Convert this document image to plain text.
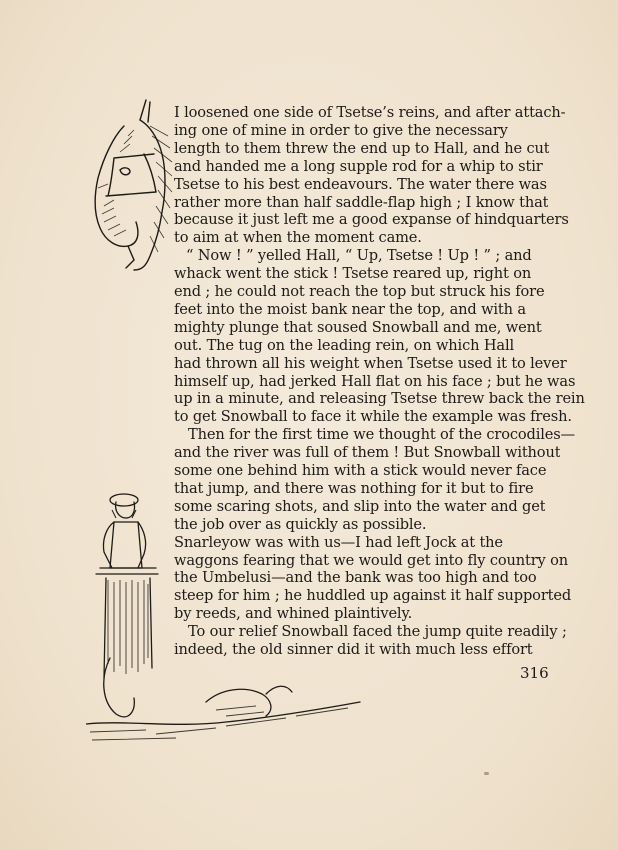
I loosened one side of Tsetse’s reins, and after attach-
ing one of mine in order to give the necessary
length to them threw the end up to Hall, and he cut
and handed me a long supple rod for a whip to stir
Tsetse to his best endeavours. The water there was
rather more than half saddle-flap high ; I know that
because it just left me a good expanse of hindquarters
to aim at when the moment came.
“ Now ! ” yelled Hall, “ Up, Tsetse ! Up ! ” ; and
whack went the stick ! Tsetse reared up, right on
end ; he could not reach the top but struck his fore
feet into the moist bank near the top, and with a
mighty plunge that soused Snowball and me, went
out. The tug on the leading rein, on which Hall
had thrown all his weight when Tsetse used it to lever
himself up, had jerked Hall flat on his face ; but he was
up in a minute, and releasing Tsetse threw back the rein
to get Snowball to face it while the example was fresh.
Then for the first time we thought of the crocodiles—
and the river was full of them ! But Snowball without
some one behind him with a stick would never face
that jump, and there was nothing for it but to fire
some scaring shots, and slip into the water and get
the job over as quickly as possible.
Snarleyow was with us—I had left Jock at the
waggons fearing that we would get into fly country on
the Umbelusi—and the bank was too high and too
steep for him ; he huddled up against it half supported
by reeds, and whined plaintively.
To our relief Snowball faced the jump quite readily ;
indeed, the old sinner did it with much less effort
316
